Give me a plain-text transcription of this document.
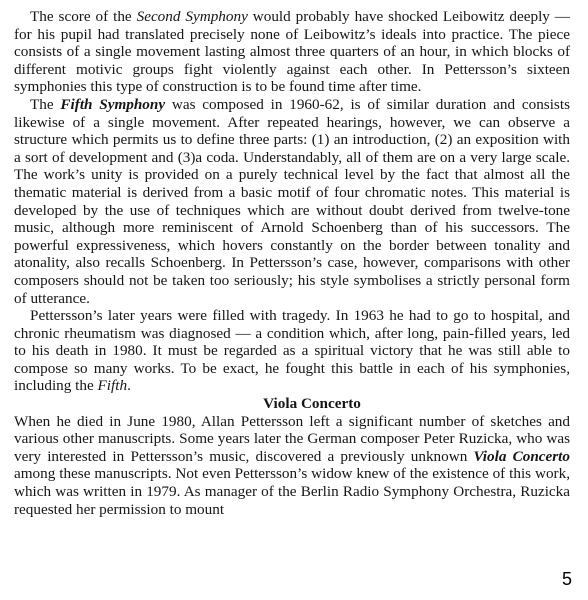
The score of the Second Symphony would probably have shocked Leibowitz deeply — for his pupil had translated precisely none of Leibowitz’s ideals into practice. The piece consists of a single movement lasting almost three quarters of an hour, in which blocks of different motivic groups fight violently against each other. In Pettersson’s sixteen symphonies this type of construction is to be found time after time.

The Fifth Symphony was composed in 1960-62, is of similar duration and consists likewise of a single movement. After repeated hearings, however, we can observe a structure which permits us to define three parts: (1) an introduction, (2) an exposition with a sort of development and (3)a coda. Understandably, all of them are on a very large scale. The work’s unity is provided on a purely technical level by the fact that almost all the thematic material is derived from a basic motif of four chromatic notes. This material is developed by the use of techniques which are without doubt derived from twelve-tone music, although more reminiscent of Arnold Schoenberg than of his successors. The powerful expressiveness, which hovers constantly on the border between tonality and atonality, also recalls Schoenberg. In Pettersson’s case, however, comparisons with other composers should not be taken too seriously; his style symbolises a strictly personal form of utterance.

Pettersson’s later years were filled with tragedy. In 1963 he had to go to hospital, and chronic rheumatism was diagnosed — a condition which, after long, pain-filled years, led to his death in 1980. It must be regarded as a spiritual victory that he was still able to compose so many works. To be exact, he fought this battle in each of his symphonies, including the Fifth.

Viola Concerto

When he died in June 1980, Allan Pettersson left a significant number of sketches and various other manuscripts. Some years later the German composer Peter Ruzicka, who was very interested in Pettersson’s music, discovered a previously unknown Viola Concerto among these manuscripts. Not even Pettersson’s widow knew of the existence of this work, which was written in 1979. As manager of the Berlin Radio Symphony Orchestra, Ruzicka requested her permission to mount

5
